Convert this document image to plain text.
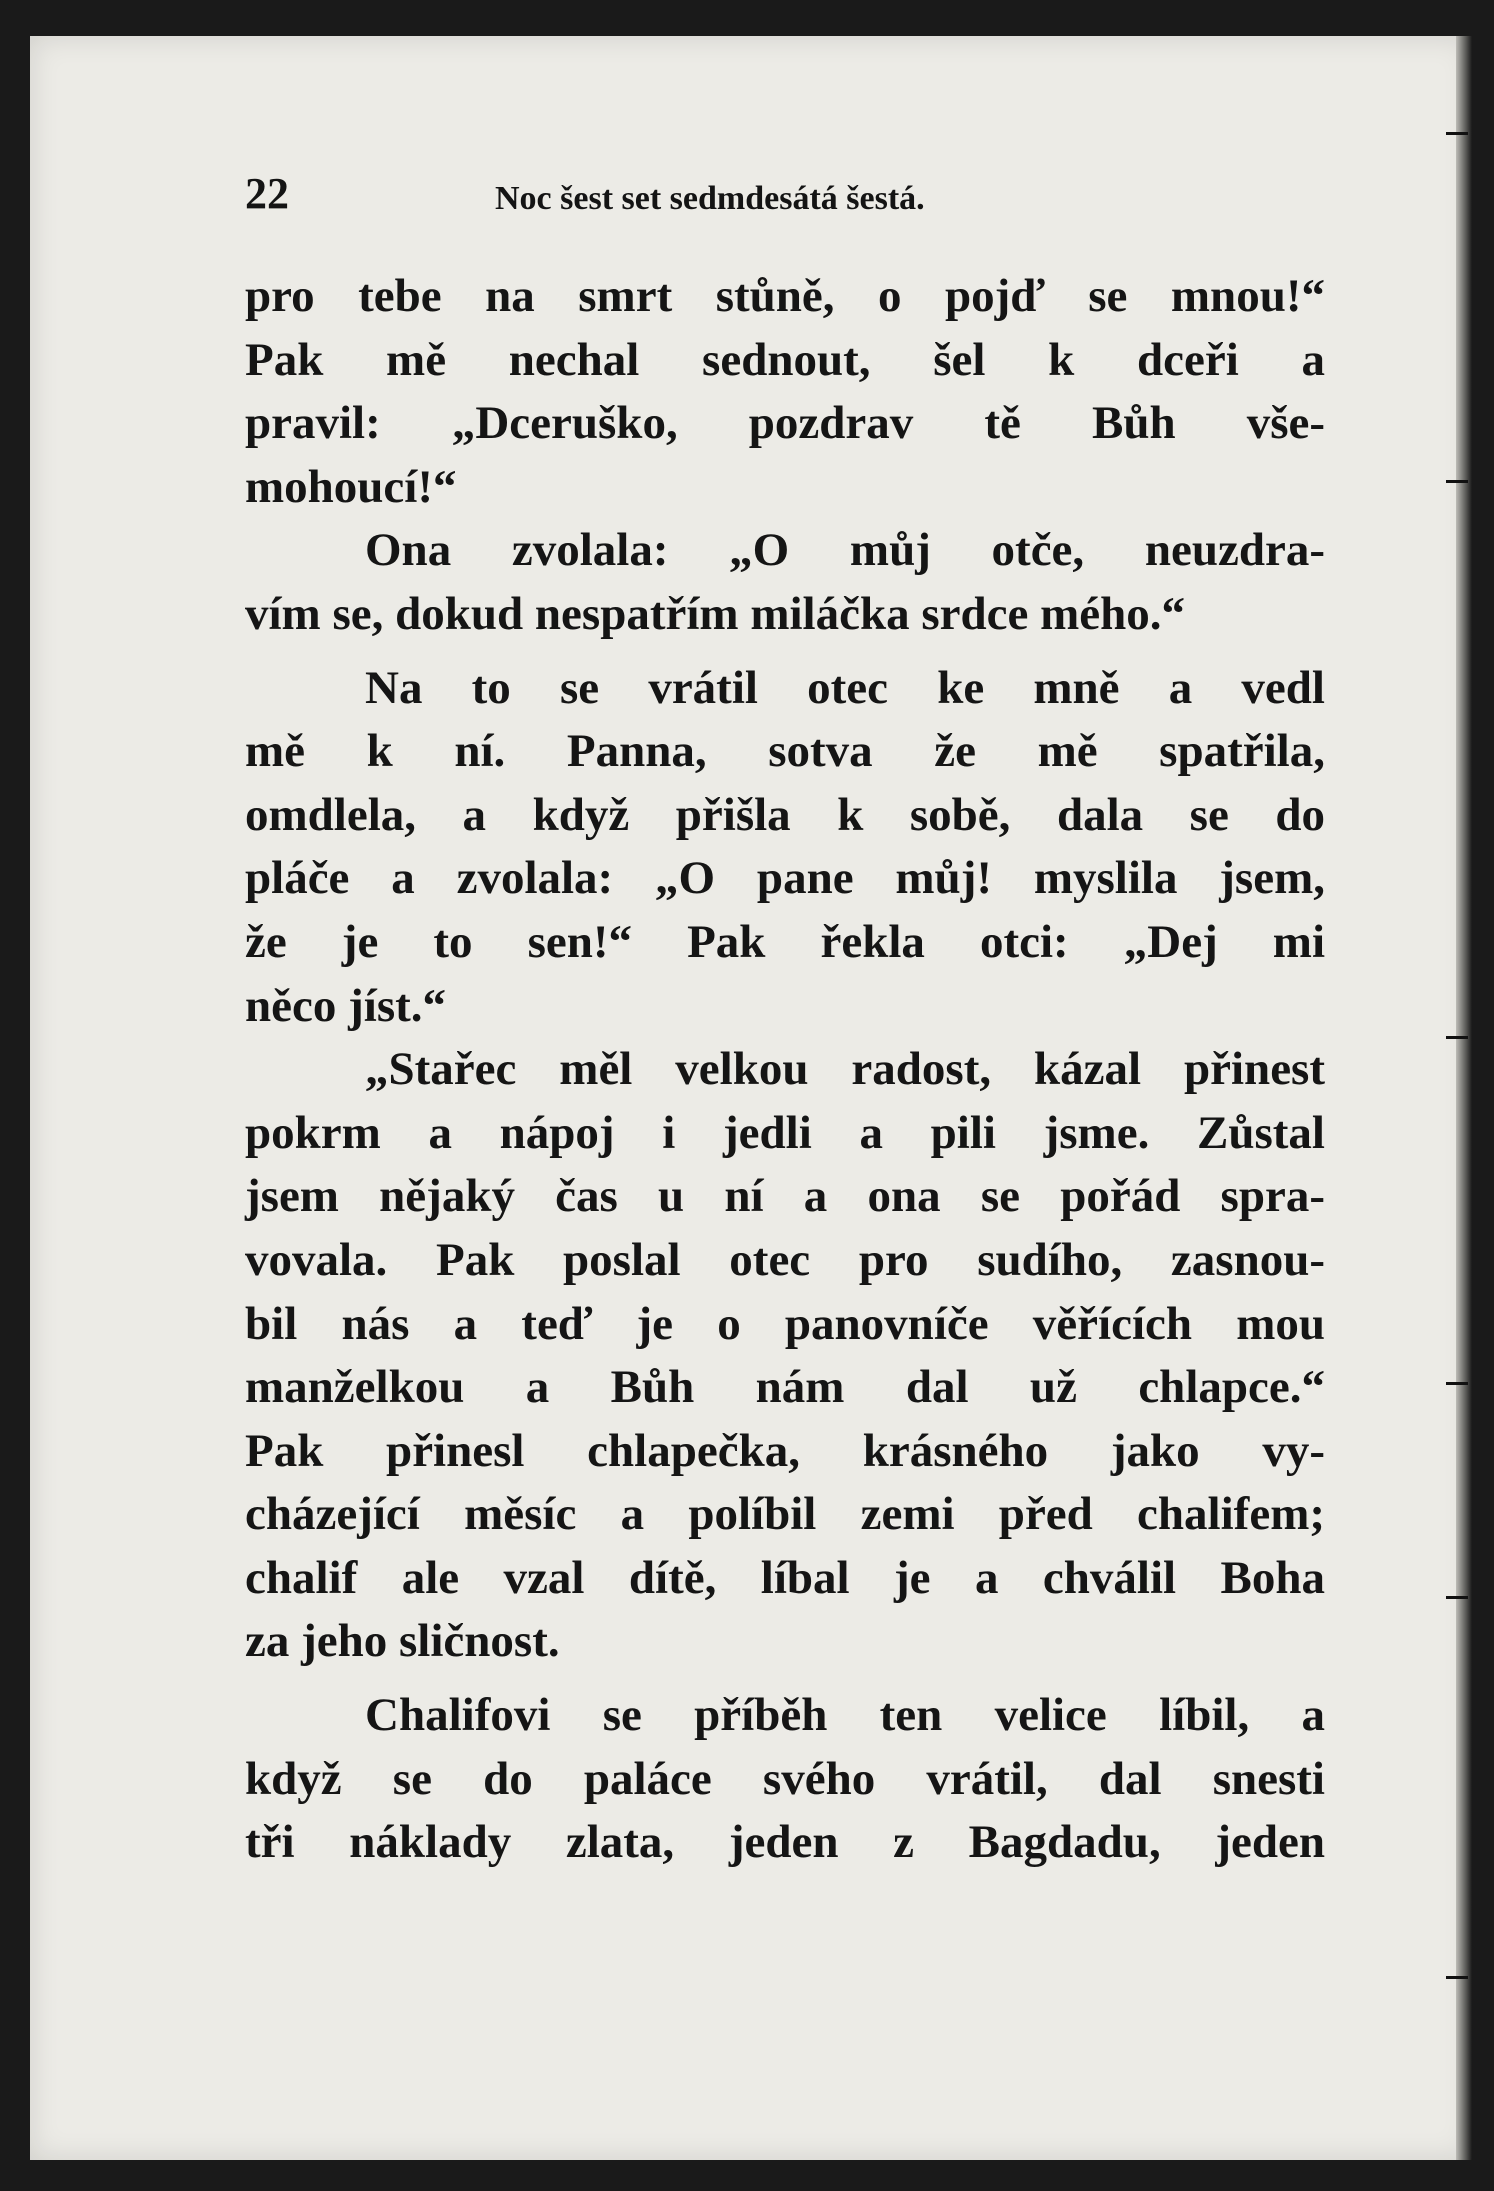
22	Noc šest set sedmdesátá šestá.
pro tebe na smrt stůně, o pojď se mnou!“
Pak mě nechal sednout, šel k dceři a
pravil: „Dceruško, pozdrav tě Bůh vše-
mohoucí!“
Ona zvolala: „O můj otče, neuzdra-
vím se, dokud nespatřím miláčka srdce mého.“
Na to se vrátil otec ke mně a vedl
mě k ní. Panna, sotva že mě spatřila,
omdlela, a když přišla k sobě, dala se do
pláče a zvolala: „O pane můj! myslila jsem,
že je to sen!“ Pak řekla otci: „Dej mi
něco jíst.“
„Stařec měl velkou radost, kázal přinest
pokrm a nápoj i jedli a pili jsme. Zůstal
jsem nějaký čas u ní a ona se pořád spra-
vovala. Pak poslal otec pro sudího, zasnou-
bil nás a teď je o panovníče věřících mou
manželkou a Bůh nám dal už chlapce.“
Pak přinesl chlapečka, krásného jako vy-
cházející měsíc a políbil zemi před chalifem;
chalif ale vzal dítě, líbal je a chválil Boha
za jeho sličnost.
Chalifovi se příběh ten velice líbil, a
když se do paláce svého vrátil, dal snesti
tři náklady zlata, jeden z Bagdadu, jeden
